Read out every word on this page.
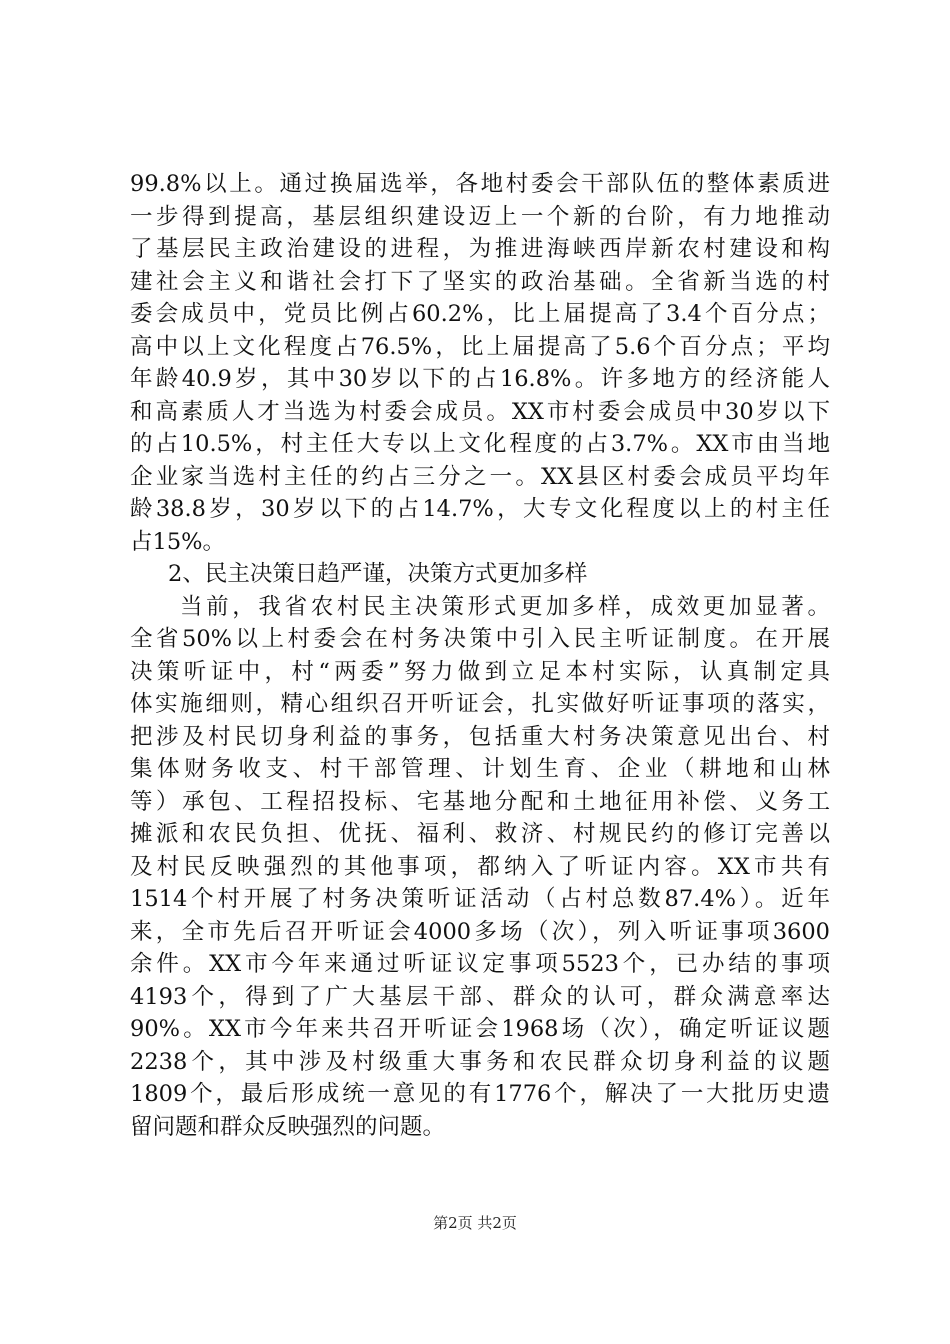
99.8%以上。通过换届选举，各地村委会干部队伍的整体素质进
一步得到提高，基层组织建设迈上一个新的台阶，有力地推动
了基层民主政治建设的进程，为推进海峡西岸新农村建设和构
建社会主义和谐社会打下了坚实的政治基础。全省新当选的村
委会成员中，党员比例占60.2%，比上届提高了3.4个百分点；
高中以上文化程度占76.5%，比上届提高了5.6个百分点；平均
年龄40.9岁，其中30岁以下的占16.8%。许多地方的经济能人
和高素质人才当选为村委会成员。XX市村委会成员中30岁以下
的占10.5%，村主任大专以上文化程度的占3.7%。XX市由当地
企业家当选村主任的约占三分之一。XX县区村委会成员平均年
龄38.8岁，30岁以下的占14.7%，大专文化程度以上的村主任
占15%。
2、民主决策日趋严谨，决策方式更加多样
当前，我省农村民主决策形式更加多样，成效更加显著。
全省50%以上村委会在村务决策中引入民主听证制度。在开展
决策听证中，村“两委”努力做到立足本村实际，认真制定具
体实施细则，精心组织召开听证会，扎实做好听证事项的落实，
把涉及村民切身利益的事务，包括重大村务决策意见出台、村
集体财务收支、村干部管理、计划生育、企业（耕地和山林
等）承包、工程招投标、宅基地分配和土地征用补偿、义务工
摊派和农民负担、优抚、福利、救济、村规民约的修订完善以
及村民反映强烈的其他事项，都纳入了听证内容。XX市共有
1514个村开展了村务决策听证活动（占村总数87.4%）。近年
来，全市先后召开听证会4000多场（次），列入听证事项3600
余件。XX市今年来通过听证议定事项5523个，已办结的事项
4193个，得到了广大基层干部、群众的认可，群众满意率达
90%。XX市今年来共召开听证会1968场（次），确定听证议题
2238个，其中涉及村级重大事务和农民群众切身利益的议题
1809个，最后形成统一意见的有1776个，解决了一大批历史遗
留问题和群众反映强烈的问题。
第2页 共2页
